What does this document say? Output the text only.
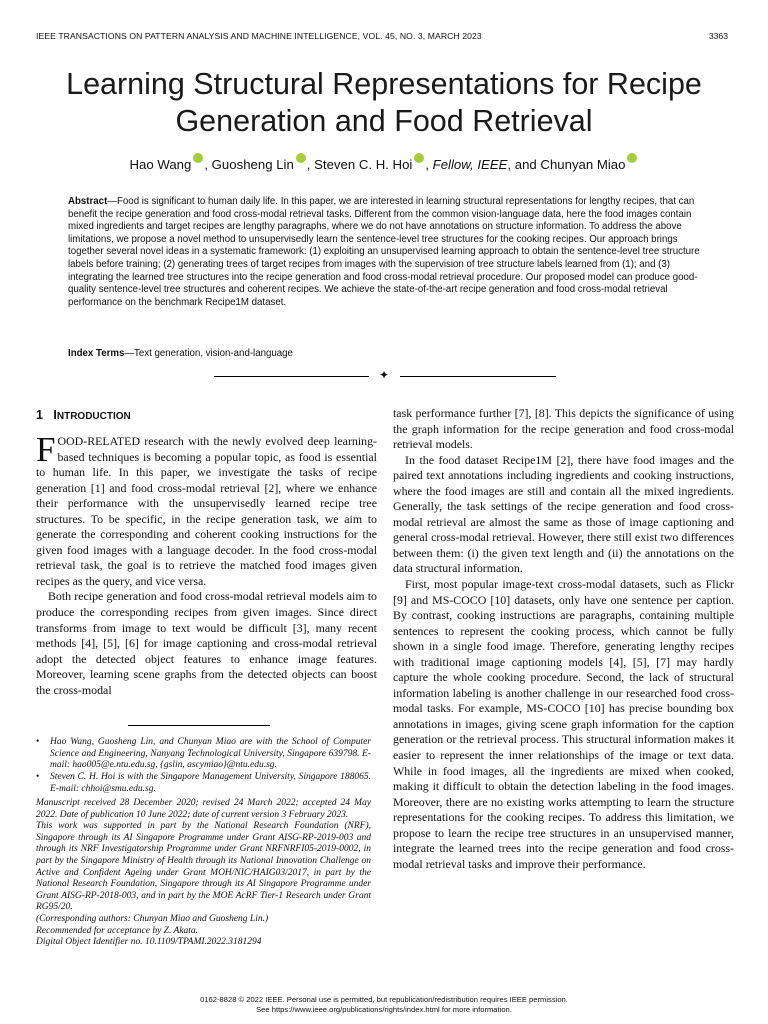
IEEE TRANSACTIONS ON PATTERN ANALYSIS AND MACHINE INTELLIGENCE, VOL. 45, NO. 3, MARCH 2023	3363
Learning Structural Representations for Recipe
Generation and Food Retrieval
Hao Wang , Guosheng Lin , Steven C. H. Hoi , Fellow, IEEE, and Chunyan Miao
Abstract—Food is significant to human daily life. In this paper, we are interested in learning structural representations for lengthy recipes, that can benefit the recipe generation and food cross-modal retrieval tasks. Different from the common vision-language data, here the food images contain mixed ingredients and target recipes are lengthy paragraphs, where we do not have annotations on structure information. To address the above limitations, we propose a novel method to unsupervisedly learn the sentence-level tree structures for the cooking recipes. Our approach brings together several novel ideas in a systematic framework: (1) exploiting an unsupervised learning approach to obtain the sentence-level tree structure labels before training; (2) generating trees of target recipes from images with the supervision of tree structure labels learned from (1); and (3) integrating the learned tree structures into the recipe generation and food cross-modal retrieval procedure. Our proposed model can produce good-quality sentence-level tree structures and coherent recipes. We achieve the state-of-the-art recipe generation and food cross-modal retrieval performance on the benchmark Recipe1M dataset.
Index Terms—Text generation, vision-and-language
✦
1 INTRODUCTION

FOOD-RELATED research with the newly evolved deep learning-based techniques is becoming a popular topic, as food is essential to human life. In this paper, we investigate the tasks of recipe generation [1] and food cross-modal retrieval [2], where we enhance their performance with the unsupervisedly learned recipe tree structures. To be specific, in the recipe generation task, we aim to generate the corresponding and coherent cooking instructions for the given food images with a language decoder. In the food cross-modal retrieval task, the goal is to retrieve the matched food images given recipes as the query, and vice versa.

Both recipe generation and food cross-modal retrieval models aim to produce the corresponding recipes from given images. Since direct transforms from image to text would be difficult [3], many recent methods [4], [5], [6] for image captioning and cross-modal retrieval adopt the detected object features to enhance image features. Moreover, learning scene graphs from the detected objects can boost the cross-modal

• Hao Wang, Guosheng Lin, and Chunyan Miao are with the School of Computer Science and Engineering, Nanyang Technological University, Singapore 639798. E-mail: hao005@e.ntu.edu.sg, {gslin, ascymiao}@ntu.edu.sg.
• Steven C. H. Hoi is with the Singapore Management University, Singapore 188065. E-mail: chhoi@smu.edu.sg.
Manuscript received 28 December 2020; revised 24 March 2022; accepted 24 May 2022. Date of publication 10 June 2022; date of current version 3 February 2023.
This work was supported in part by the National Research Foundation (NRF), Singapore through its AI Singapore Programme under Grant AISG-RP-2019-003 and through its NRF Investigatorship Programme under Grant NRFNRFI05-2019-0002, in part by the Singapore Ministry of Health through its National Innovation Challenge on Active and Confident Ageing under Grant MOH/NIC/HAIG03/2017, in part by the National Research Foundation, Singapore through its AI Singapore Programme under Grant AISG-RP-2018-003, and in part by the MOE AcRF Tier-1 Research under Grant RG95/20.
(Corresponding authors: Chunyan Miao and Guosheng Lin.)
Recommended for acceptance by Z. Akata.
Digital Object Identifier no. 10.1109/TPAMI.2022.3181294

task performance further [7], [8]. This depicts the significance of using the graph information for the recipe generation and food cross-modal retrieval models.

In the food dataset Recipe1M [2], there have food images and the paired text annotations including ingredients and cooking instructions, where the food images are still and contain all the mixed ingredients. Generally, the task settings of the recipe generation and food cross-modal retrieval are almost the same as those of image captioning and general cross-modal retrieval. However, there still exist two differences between them: (i) the given text length and (ii) the annotations on the data structural information.

First, most popular image-text cross-modal datasets, such as Flickr [9] and MS-COCO [10] datasets, only have one sentence per caption. By contrast, cooking instructions are paragraphs, containing multiple sentences to represent the cooking process, which cannot be fully shown in a single food image. Therefore, generating lengthy recipes with traditional image captioning models [4], [5], [7] may hardly capture the whole cooking procedure. Second, the lack of structural information labeling is another challenge in our researched food cross-modal tasks. For example, MS-COCO [10] has precise bounding box annotations in images, giving scene graph information for the caption generation or the retrieval process. This structural information makes it easier to represent the inner relationships of the image or text data. While in food images, all the ingredients are mixed when cooked, making it difficult to obtain the detection labeling in the food images. Moreover, there are no existing works attempting to learn the structure representations for the cooking recipes. To address this limitation, we propose to learn the recipe tree structures in an unsupervised manner, integrate the learned trees into the recipe generation and food cross-modal retrieval tasks and improve their performance.

0162-8828 © 2022 IEEE. Personal use is permitted, but republication/redistribution requires IEEE permission.
See https://www.ieee.org/publications/rights/index.html for more information.
